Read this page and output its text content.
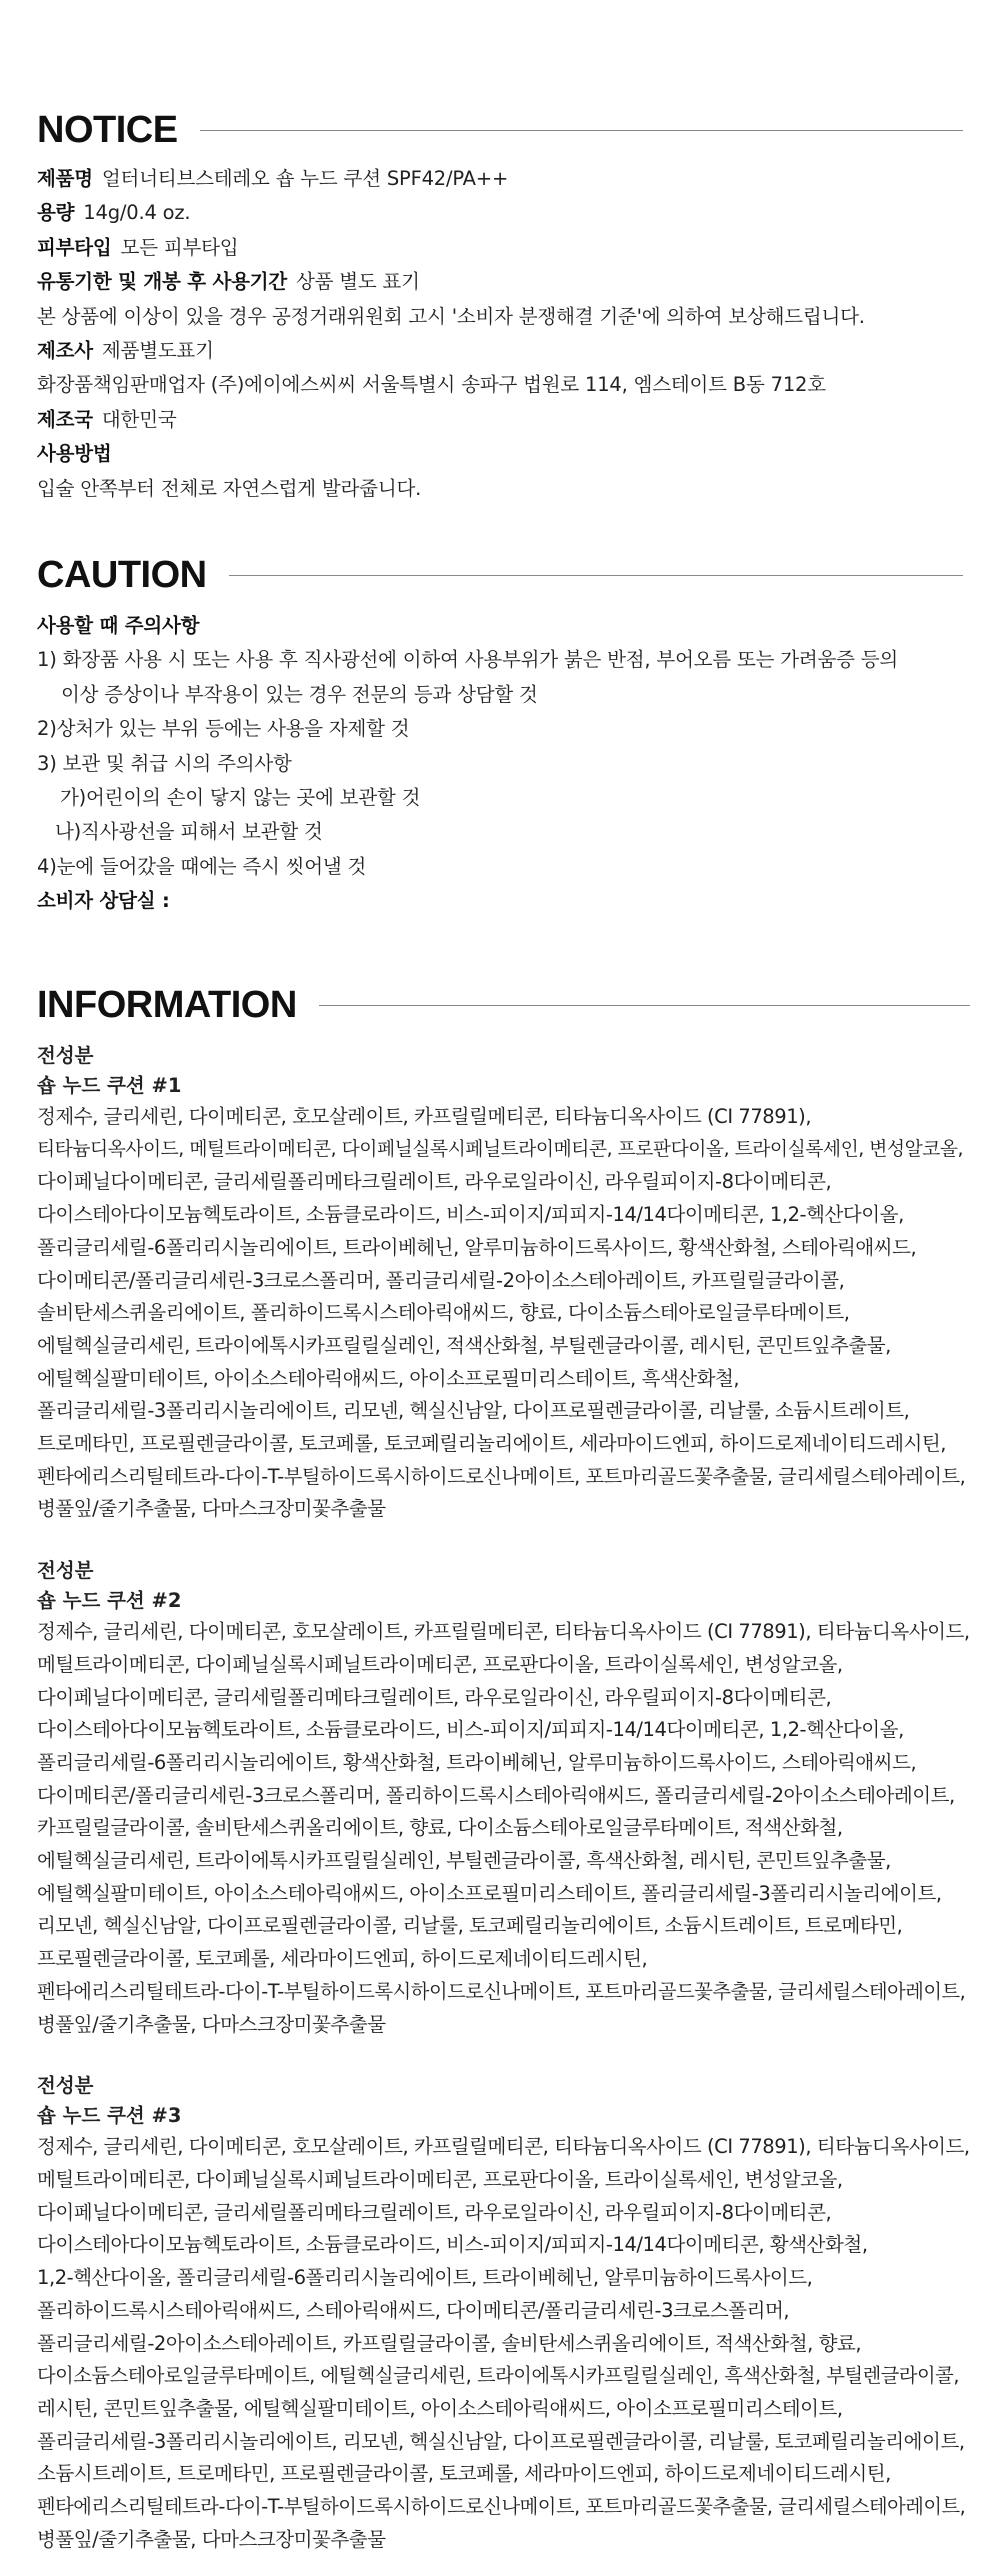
NOTICE
제품명 얼터너티브스테레오 숍 누드 쿠션 SPF42/PA++
용량 14g/0.4 oz.
피부타입 모든 피부타입
유통기한 및 개봉 후 사용기간 상품 별도 표기
본 상품에 이상이 있을 경우 공정거래위원회 고시 '소비자 분쟁해결 기준'에 의하여 보상해드립니다.
제조사 제품별도표기
화장품책임판매업자 (주)에이에스씨씨 서울특별시 송파구 법원로 114, 엠스테이트 B동 712호
제조국 대한민국
사용방법
입술 안쪽부터 전체로 자연스럽게 발라줍니다.
CAUTION
사용할 때 주의사항
1) 화장품 사용 시 또는 사용 후 직사광선에 이하여 사용부위가 붉은 반점, 부어오름 또는 가려움증 등의
이상 증상이나 부작용이 있는 경우 전문의 등과 상담할 것
2)상처가 있는 부위 등에는 사용을 자제할 것
3) 보관 및 취급 시의 주의사항
가)어린이의 손이 닿지 않는 곳에 보관할 것
나)직사광선을 피해서 보관할 것
4)눈에 들어갔을 때에는 즉시 씻어낼 것
소비자 상담실 :
INFORMATION
전성분
숍 누드 쿠션 #1
정제수, 글리세린, 다이메티콘, 호모살레이트, 카프릴릴메티콘, 티타늄디옥사이드 (CI 77891),
티타늄디옥사이드, 메틸트라이메티콘, 다이페닐실록시페닐트라이메티콘, 프로판다이올, 트라이실록세인, 변성알코올,
다이페닐다이메티콘, 글리세릴폴리메타크릴레이트, 라우로일라이신, 라우릴피이지-8다이메티콘,
다이스테아다이모늄헥토라이트, 소듐클로라이드, 비스-피이지/피피지-14/14다이메티콘, 1,2-헥산다이올,
폴리글리세릴-6폴리리시놀리에이트, 트라이베헤닌, 알루미늄하이드록사이드, 황색산화철, 스테아릭애씨드,
다이메티콘/폴리글리세린-3크로스폴리머, 폴리글리세릴-2아이소스테아레이트, 카프릴릴글라이콜,
솔비탄세스퀴올리에이트, 폴리하이드록시스테아릭애씨드, 향료, 다이소듐스테아로일글루타메이트,
에틸헥실글리세린, 트라이에톡시카프릴릴실레인, 적색산화철, 부틸렌글라이콜, 레시틴, 콘민트잎추출물,
에틸헥실팔미테이트, 아이소스테아릭애씨드, 아이소프로필미리스테이트, 흑색산화철,
폴리글리세릴-3폴리리시놀리에이트, 리모넨, 헥실신남알, 다이프로필렌글라이콜, 리날룰, 소듐시트레이트,
트로메타민, 프로필렌글라이콜, 토코페롤, 토코페릴리놀리에이트, 세라마이드엔피, 하이드로제네이티드레시틴,
펜타에리스리틸테트라-다이-T-부틸하이드록시하이드로신나메이트, 포트마리골드꽃추출물, 글리세릴스테아레이트,
병풀잎/줄기추출물, 다마스크장미꽃추출물
전성분
숍 누드 쿠션 #2
정제수, 글리세린, 다이메티콘, 호모살레이트, 카프릴릴메티콘, 티타늄디옥사이드 (CI 77891), 티타늄디옥사이드,
메틸트라이메티콘, 다이페닐실록시페닐트라이메티콘, 프로판다이올, 트라이실록세인, 변성알코올,
다이페닐다이메티콘, 글리세릴폴리메타크릴레이트, 라우로일라이신, 라우릴피이지-8다이메티콘,
다이스테아다이모늄헥토라이트, 소듐클로라이드, 비스-피이지/피피지-14/14다이메티콘, 1,2-헥산다이올,
폴리글리세릴-6폴리리시놀리에이트, 황색산화철, 트라이베헤닌, 알루미늄하이드록사이드, 스테아릭애씨드,
다이메티콘/폴리글리세린-3크로스폴리머, 폴리하이드록시스테아릭애씨드, 폴리글리세릴-2아이소스테아레이트,
카프릴릴글라이콜, 솔비탄세스퀴올리에이트, 향료, 다이소듐스테아로일글루타메이트, 적색산화철,
에틸헥실글리세린, 트라이에톡시카프릴릴실레인, 부틸렌글라이콜, 흑색산화철, 레시틴, 콘민트잎추출물,
에틸헥실팔미테이트, 아이소스테아릭애씨드, 아이소프로필미리스테이트, 폴리글리세릴-3폴리리시놀리에이트,
리모넨, 헥실신남알, 다이프로필렌글라이콜, 리날룰, 토코페릴리놀리에이트, 소듐시트레이트, 트로메타민,
프로필렌글라이콜, 토코페롤, 세라마이드엔피, 하이드로제네이티드레시틴,
펜타에리스리틸테트라-다이-T-부틸하이드록시하이드로신나메이트, 포트마리골드꽃추출물, 글리세릴스테아레이트,
병풀잎/줄기추출물, 다마스크장미꽃추출물
전성분
숍 누드 쿠션 #3
정제수, 글리세린, 다이메티콘, 호모살레이트, 카프릴릴메티콘, 티타늄디옥사이드 (CI 77891), 티타늄디옥사이드,
메틸트라이메티콘, 다이페닐실록시페닐트라이메티콘, 프로판다이올, 트라이실록세인, 변성알코올,
다이페닐다이메티콘, 글리세릴폴리메타크릴레이트, 라우로일라이신, 라우릴피이지-8다이메티콘,
다이스테아다이모늄헥토라이트, 소듐클로라이드, 비스-피이지/피피지-14/14다이메티콘, 황색산화철,
1,2-헥산다이올, 폴리글리세릴-6폴리리시놀리에이트, 트라이베헤닌, 알루미늄하이드록사이드,
폴리하이드록시스테아릭애씨드, 스테아릭애씨드, 다이메티콘/폴리글리세린-3크로스폴리머,
폴리글리세릴-2아이소스테아레이트, 카프릴릴글라이콜, 솔비탄세스퀴올리에이트, 적색산화철, 향료,
다이소듐스테아로일글루타메이트, 에틸헥실글리세린, 트라이에톡시카프릴릴실레인, 흑색산화철, 부틸렌글라이콜,
레시틴, 콘민트잎추출물, 에틸헥실팔미테이트, 아이소스테아릭애씨드, 아이소프로필미리스테이트,
폴리글리세릴-3폴리리시놀리에이트, 리모넨, 헥실신남알, 다이프로필렌글라이콜, 리날룰, 토코페릴리놀리에이트,
소듐시트레이트, 트로메타민, 프로필렌글라이콜, 토코페롤, 세라마이드엔피, 하이드로제네이티드레시틴,
펜타에리스리틸테트라-다이-T-부틸하이드록시하이드로신나메이트, 포트마리골드꽃추출물, 글리세릴스테아레이트,
병풀잎/줄기추출물, 다마스크장미꽃추출물
